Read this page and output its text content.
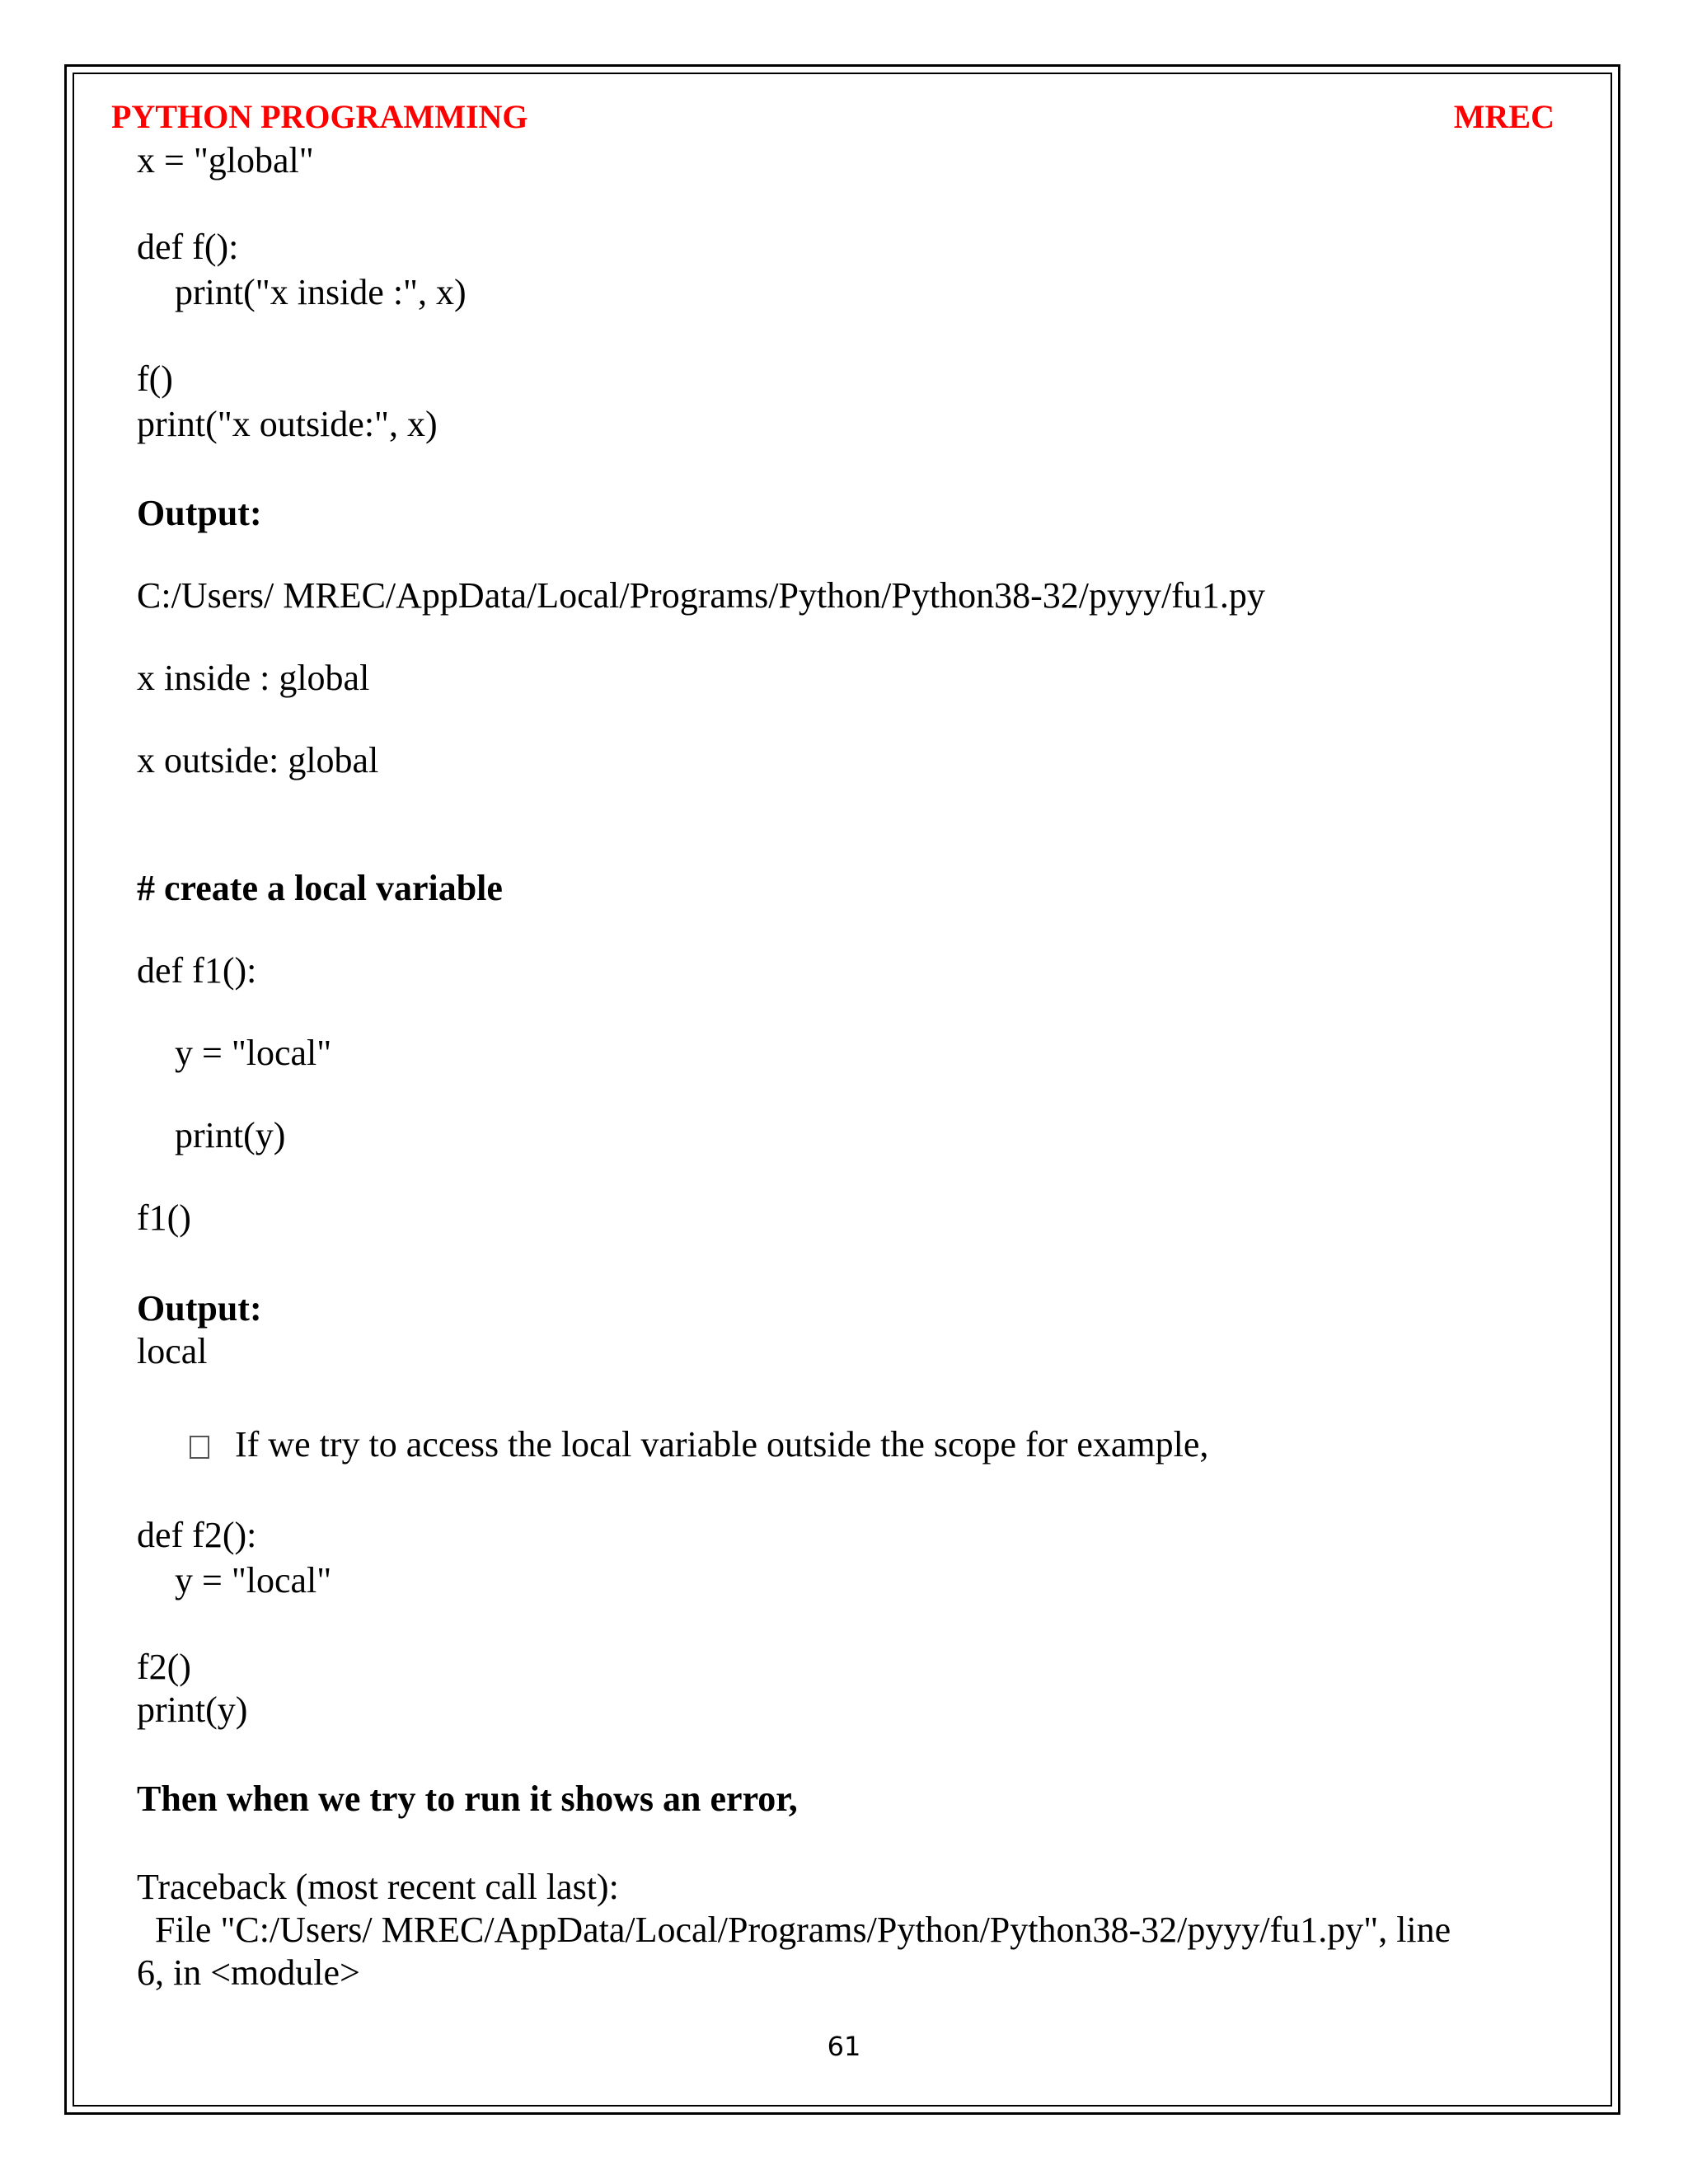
PYTHON PROGRAMMING	MREC
x = "global"
def f():
print("x inside :", x)
f()
print("x outside:", x)
Output:
C:/Users/ MREC/AppData/Local/Programs/Python/Python38-32/pyyy/fu1.py
x inside : global
x outside: global
# create a local variable
def f1():
y = "local"
print(y)
f1()
Output:
local
If we try to access the local variable outside the scope for example,
def f2():
y = "local"
f2()
print(y)
Then when we try to run it shows an error,
Traceback (most recent call last):
File "C:/Users/ MREC/AppData/Local/Programs/Python/Python38-32/pyyy/fu1.py", line
6, in <module>
61
